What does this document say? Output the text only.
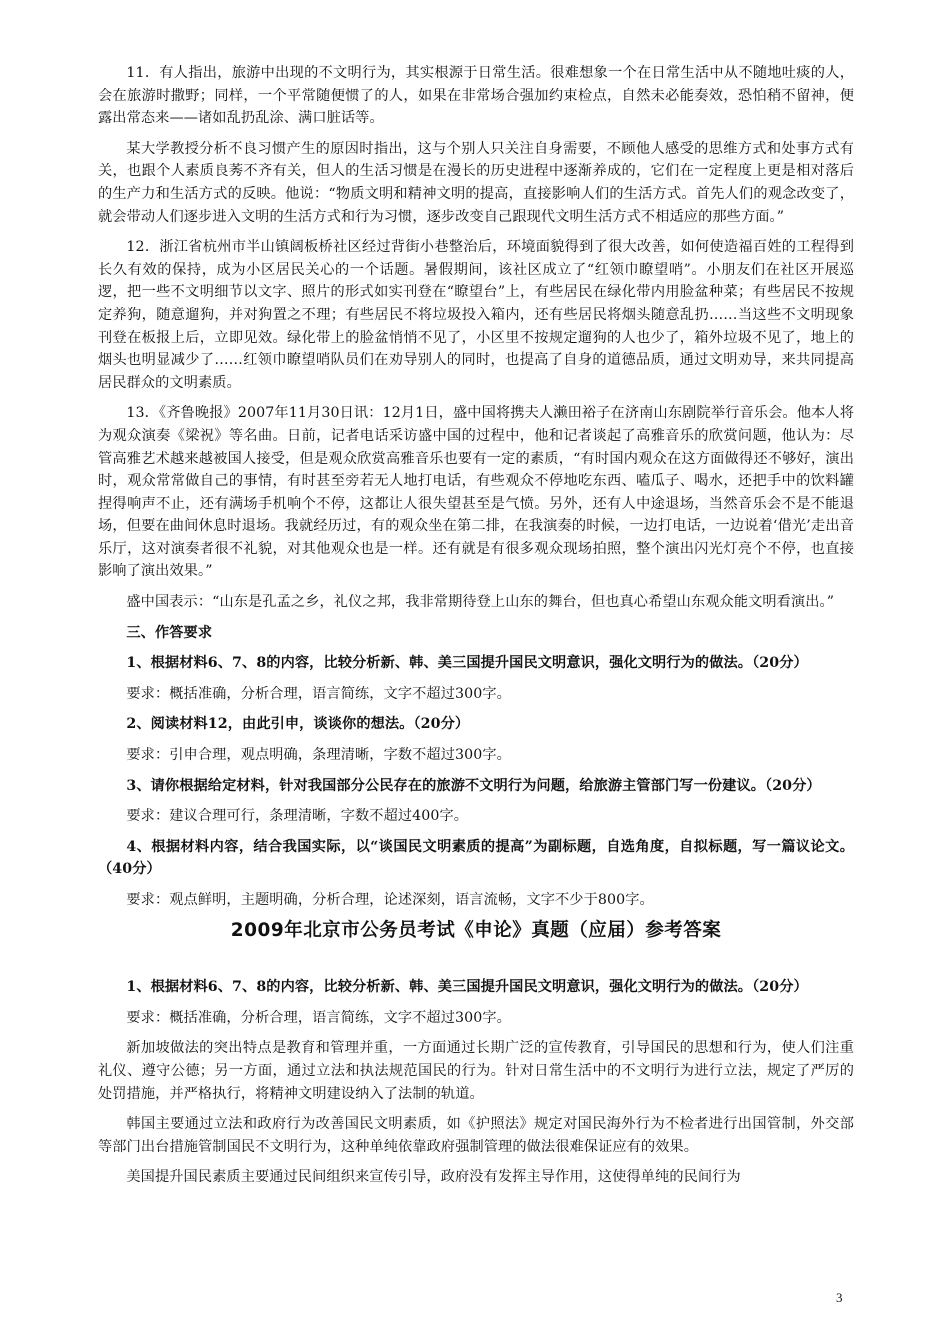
11．有人指出，旅游中出现的不文明行为，其实根源于日常生活。很难想象一个在日常生活中从不随地吐痰的人，会在旅游时撒野；同样，一个平常随便惯了的人，如果在非常场合强加约束检点，自然未必能奏效，恐怕稍不留神，便露出常态来——诸如乱扔乱涂、满口脏话等。

某大学教授分析不良习惯产生的原因时指出，这与个别人只关注自身需要，不顾他人感受的思维方式和处事方式有关，也跟个人素质良莠不齐有关，但人的生活习惯是在漫长的历史进程中逐渐养成的，它们在一定程度上更是相对落后的生产力和生活方式的反映。他说：“物质文明和精神文明的提高，直接影响人们的生活方式。首先人们的观念改变了，就会带动人们逐步进入文明的生活方式和行为习惯，逐步改变自己跟现代文明生活方式不相适应的那些方面。”

12．浙江省杭州市半山镇阔板桥社区经过背街小巷整治后，环境面貌得到了很大改善，如何使造福百姓的工程得到长久有效的保持，成为小区居民关心的一个话题。暑假期间，该社区成立了“红领巾瞭望哨”。小朋友们在社区开展巡逻，把一些不文明细节以文字、照片的形式如实刊登在“瞭望台”上，有些居民在绿化带内用脸盆种菜；有些居民不按规定养狗，随意遛狗，并对狗置之不理；有些居民不将垃圾投入箱内，还有些居民将烟头随意乱扔……当这些不文明现象刊登在板报上后，立即见效。绿化带上的脸盆悄悄不见了，小区里不按规定遛狗的人也少了，箱外垃圾不见了，地上的烟头也明显减少了……红领巾瞭望哨队员们在劝导别人的同时，也提高了自身的道德品质，通过文明劝导，来共同提高居民群众的文明素质。

13．《齐鲁晚报》2007年11月30日讯：12月1日，盛中国将携夫人濑田裕子在济南山东剧院举行音乐会。他本人将为观众演奏《梁祝》等名曲。日前，记者电话采访盛中国的过程中，他和记者谈起了高雅音乐的欣赏问题，他认为：尽管高雅艺术越来越被国人接受，但是观众欣赏高雅音乐也要有一定的素质，“有时国内观众在这方面做得还不够好，演出时，观众常常做自己的事情，有时甚至旁若无人地打电话，有些观众不停地吃东西、嗑瓜子、喝水，还把手中的饮料罐捏得响声不止，还有满场手机响个不停，这都让人很失望甚至是气愤。另外，还有人中途退场，当然音乐会不是不能退场，但要在曲间休息时退场。我就经历过，有的观众坐在第二排，在我演奏的时候，一边打电话，一边说着‘借光’走出音乐厅，这对演奏者很不礼貌，对其他观众也是一样。还有就是有很多观众现场拍照，整个演出闪光灯亮个不停，也直接影响了演出效果。”

盛中国表示：“山东是孔孟之乡，礼仪之邦，我非常期待登上山东的舞台，但也真心希望山东观众能文明看演出。”

三、作答要求

1、根据材料6、7、8的内容，比较分析新、韩、美三国提升国民文明意识，强化文明行为的做法。（20分）

要求：概括准确，分析合理，语言简练，文字不超过300字。

2、阅读材料12，由此引申，谈谈你的想法。（20分）

要求：引申合理，观点明确，条理清晰，字数不超过300字。

3、请你根据给定材料，针对我国部分公民存在的旅游不文明行为问题，给旅游主管部门写一份建议。（20分）

要求：建议合理可行，条理清晰，字数不超过400字。

4、根据材料内容，结合我国实际，以“谈国民文明素质的提高”为副标题，自选角度，自拟标题，写一篇议论文。（40分）

要求：观点鲜明，主题明确，分析合理，论述深刻，语言流畅，文字不少于800字。

2009年北京市公务员考试《申论》真题（应届）参考答案

1、根据材料6、7、8的内容，比较分析新、韩、美三国提升国民文明意识，强化文明行为的做法。（20分）

要求：概括准确，分析合理，语言简练，文字不超过300字。

新加坡做法的突出特点是教育和管理并重，一方面通过长期广泛的宣传教育，引导国民的思想和行为，使人们注重礼仪、遵守公德；另一方面，通过立法和执法规范国民的行为。针对日常生活中的不文明行为进行立法，规定了严厉的处罚措施，并严格执行，将精神文明建设纳入了法制的轨道。

韩国主要通过立法和政府行为改善国民文明素质，如《护照法》规定对国民海外行为不检者进行出国管制，外交部等部门出台措施管制国民不文明行为，这种单纯依靠政府强制管理的做法很难保证应有的效果。

美国提升国民素质主要通过民间组织来宣传引导，政府没有发挥主导作用，这使得单纯的民间行为

3
